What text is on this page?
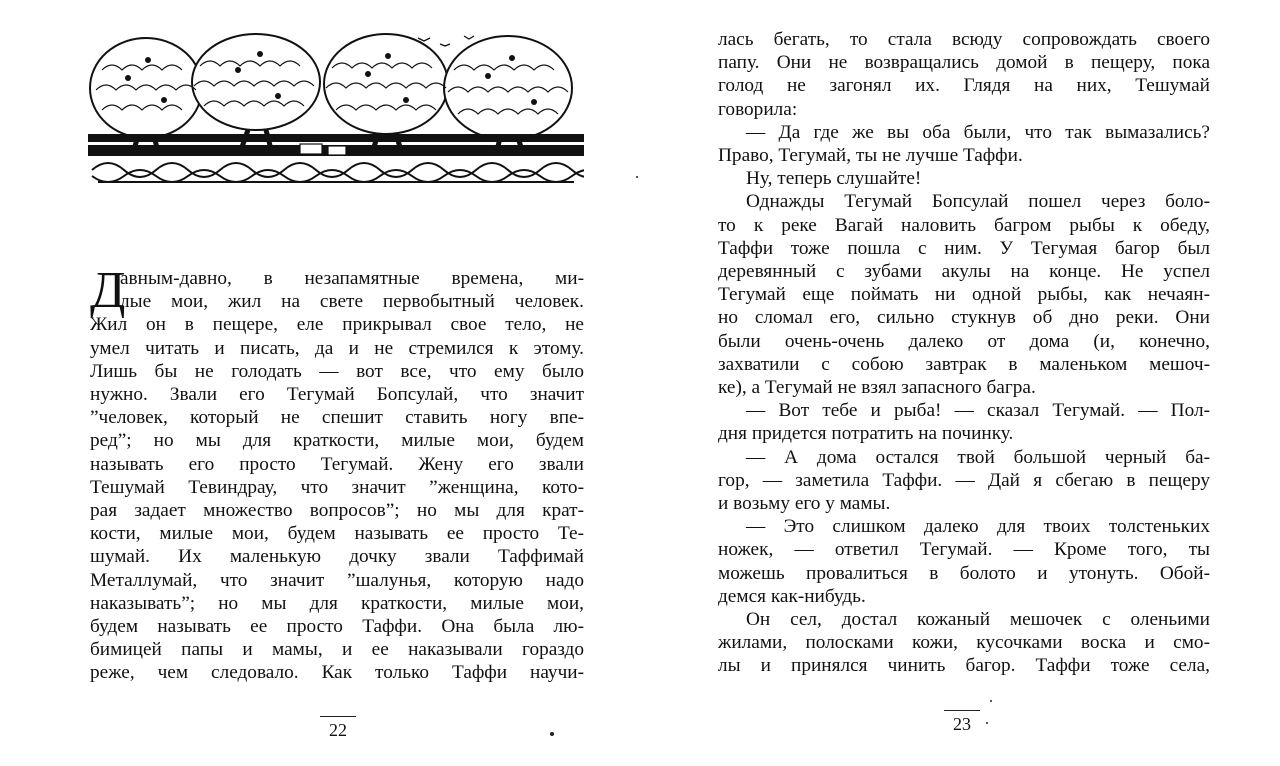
Д
авным-давно, в незапамятные времена, ми-
лые мои, жил на свете первобытный человек.
Жил он в пещере, еле прикрывал свое тело, не
умел читать и писать, да и не стремился к этому.
Лишь бы не голодать — вот все, что ему было
нужно. Звали его Тегумай Бопсулай, что значит
”человек, который не спешит ставить ногу впе-
ред”; но мы для краткости, милые мои, будем
называть его просто Тегумай. Жену его звали
Тешумай Тевиндрау, что значит ”женщина, кото-
рая задает множество вопросов”; но мы для крат-
кости, милые мои, будем называть ее просто Те-
шумай. Их маленькую дочку звали Таффимай
Металлумай, что значит ”шалунья, которую надо
наказывать”; но мы для краткости, милые мои,
будем называть ее просто Таффи. Она была лю-
бимицей папы и мамы, и ее наказывали гораздо
реже, чем следовало. Как только Таффи научи-
22
лась бегать, то стала всюду сопровождать своего
папу. Они не возвращались домой в пещеру, пока
голод не загонял их. Глядя на них, Тешумай
говорила:
— Да где же вы оба были, что так вымазались?
Право, Тегумай, ты не лучше Таффи.
Ну, теперь слушайте!
Однажды Тегумай Бопсулай пошел через боло-
то к реке Вагай наловить багром рыбы к обеду,
Таффи тоже пошла с ним. У Тегумая багор был
деревянный с зубами акулы на конце. Не успел
Тегумай еще поймать ни одной рыбы, как нечаян-
но сломал его, сильно стукнув об дно реки. Они
были очень-очень далеко от дома (и, конечно,
захватили с собою завтрак в маленьком мешоч-
ке), а Тегумай не взял запасного багра.
— Вот тебе и рыба! — сказал Тегумай. — Пол-
дня придется потратить на починку.
— А дома остался твой большой черный ба-
гор, — заметила Таффи. — Дай я сбегаю в пещеру
и возьму его у мамы.
— Это слишком далеко для твоих толстеньких
ножек, — ответил Тегумай. — Кроме того, ты
можешь провалиться в болото и утонуть. Обой-
демся как-нибудь.
Он сел, достал кожаный мешочек с оленьими
жилами, полосками кожи, кусочками воска и смо-
лы и принялся чинить багор. Таффи тоже села,
23
